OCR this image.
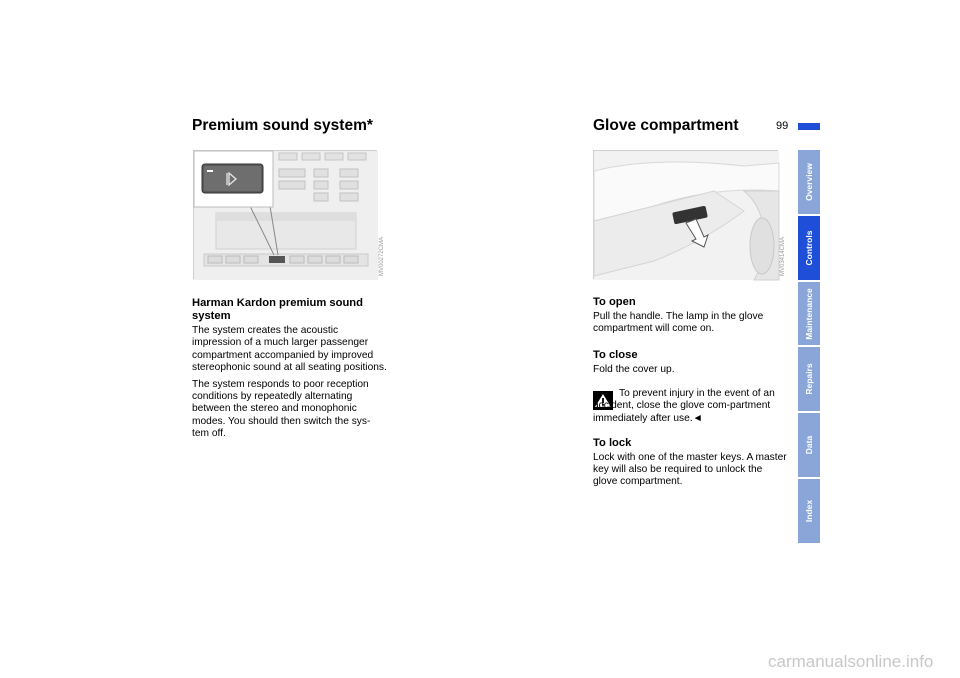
Premium sound system*
MV00272CMA
Harman Kardon premium sound system

The system creates the acoustic impression of a much larger passenger compartment accompanied by improved stereophonic sound at all seating positions.

The system responds to poor reception conditions by repeatedly alternating between the stereo and monophonic modes. You should then switch the sys-tem off.

Glove compartment	99
MV03414CMA
To open
Pull the handle. The lamp in the glove compartment will come on.
To close
Fold the cover up.
To prevent injury in the event of an accident, close the glove com-partment immediately after use.◄
To lock
Lock with one of the master keys. A master key will also be required to unlock the glove compartment.
Overview
Controls
Maintenance
Repairs
Data
Index
carmanualsonline.info
